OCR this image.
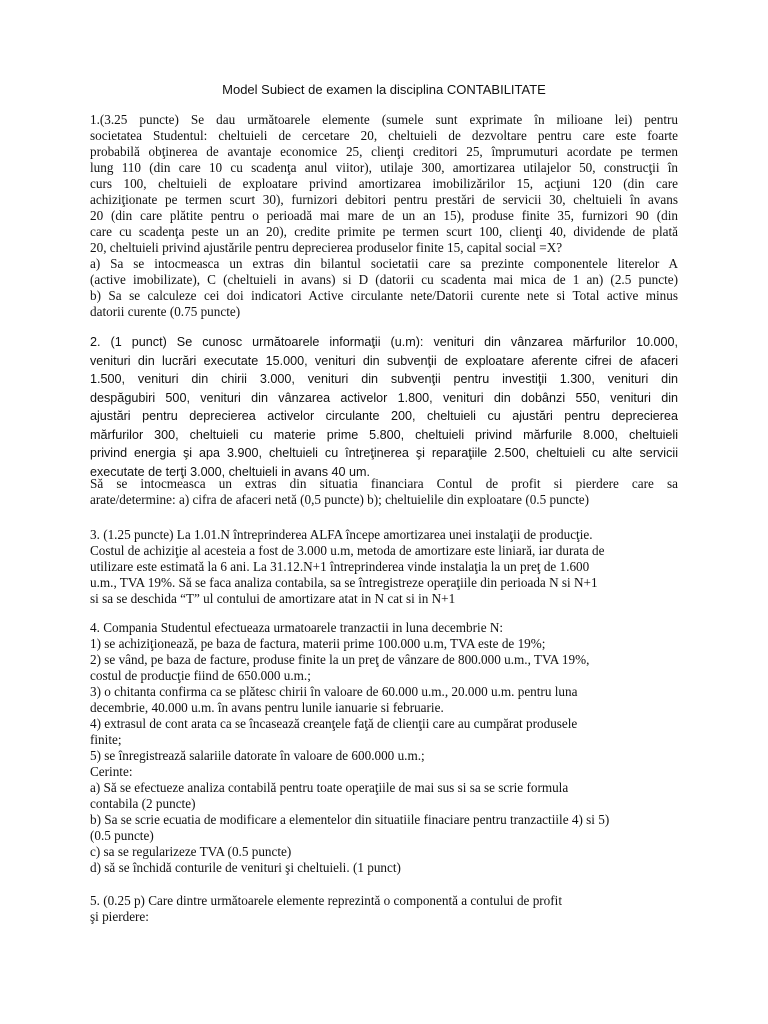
Model Subiect de examen la disciplina CONTABILITATE
1.(3.25 puncte) Se dau următoarele elemente (sumele sunt exprimate în milioane lei) pentru
societatea Studentul: cheltuieli de cercetare 20, cheltuieli de dezvoltare pentru care este foarte
probabilă obţinerea de avantaje economice 25, clienţi creditori 25, împrumuturi acordate pe termen
lung 110 (din care 10 cu scadenţa anul viitor), utilaje 300, amortizarea utilajelor 50, construcţii în
curs 100, cheltuieli de exploatare privind amortizarea imobilizărilor 15, acţiuni 120 (din care
achiziţionate pe termen scurt 30), furnizori debitori pentru prestări de servicii 30, cheltuieli în avans
20 (din care plătite pentru o perioadă mai mare de un an 15), produse finite 35, furnizori 90 (din
care cu scadenţa peste un an 20), credite primite pe termen scurt 100, clienţi 40, dividende de plată
20, cheltuieli privind ajustările pentru deprecierea produselor finite 15, capital social =X?
a) Sa se intocmeasca un extras din bilantul societatii care sa prezinte componentele literelor A
(active imobilizate), C (cheltuieli in avans) si D (datorii cu scadenta mai mica de 1 an) (2.5 puncte)
b) Sa se calculeze cei doi indicatori Active circulante nete/Datorii curente nete si Total active minus
datorii curente (0.75 puncte)
2. (1 punct) Se cunosc următoarele informaţii (u.m): venituri din vânzarea mărfurilor 10.000,
venituri din lucrări executate 15.000, venituri din subvenţii de exploatare aferente cifrei de afaceri
1.500, venituri din chirii 3.000, venituri din subvenţii pentru investiţii 1.300, venituri din
despăgubiri 500, venituri din vânzarea activelor 1.800, venituri din dobânzi 550, venituri din
ajustări pentru deprecierea activelor circulante 200, cheltuieli cu ajustări pentru deprecierea
mărfurilor 300, cheltuieli cu materie prime 5.800, cheltuieli privind mărfurile 8.000, cheltuieli
privind energia şi apa 3.900, cheltuieli cu întreţinerea şi reparaţiile 2.500, cheltuieli cu alte servicii
executate de terţi 3.000, cheltuieli in avans 40 um.
Să se intocmeasca un extras din situatia financiara Contul de profit si pierdere care sa
arate/determine: a) cifra de afaceri netă (0,5 puncte) b); cheltuielile din exploatare (0.5 puncte)
3. (1.25 puncte) La 1.01.N întreprinderea ALFA începe amortizarea unei instalaţii de producţie.
Costul de achiziţie al acesteia a fost de 3.000 u.m, metoda de amortizare este liniară, iar durata de
utilizare este estimată la 6 ani. La 31.12.N+1 întreprinderea vinde instalaţia la un preţ de 1.600
u.m., TVA 19%. Să se faca analiza contabila, sa se întregistreze operaţiile din perioada N si N+1
si sa se deschida “T” ul contului de amortizare atat in N cat si in N+1
4. Compania Studentul efectueaza urmatoarele tranzactii in luna decembrie N:
1) se achiziţionează, pe baza de factura, materii prime 100.000 u.m, TVA este de 19%;
2) se vând, pe baza de facture, produse finite la un preţ de vânzare de 800.000 u.m., TVA 19%,
costul de producţie fiind de 650.000 u.m.;
3) o chitanta confirma ca se plătesc chirii în valoare de 60.000 u.m., 20.000 u.m. pentru luna
decembrie, 40.000 u.m. în avans pentru lunile ianuarie si februarie.
4) extrasul de cont arata ca se încasează creanţele faţă de clienţii care au cumpărat produsele
finite;
5) se înregistrează salariile datorate în valoare de 600.000 u.m.;
Cerinte:
a) Să se efectueze analiza contabilă pentru toate operaţiile de mai sus si sa se scrie formula
contabila (2 puncte)
b) Sa se scrie ecuatia de modificare a elementelor din situatiile finaciare pentru tranzactiile 4) si 5)
(0.5 puncte)
c) sa se regularizeze TVA (0.5 puncte)
d) să se închidă conturile de venituri şi cheltuieli. (1 punct)
5. (0.25 p) Care dintre următoarele elemente reprezintă o componentă a contului de profit
şi pierdere:
